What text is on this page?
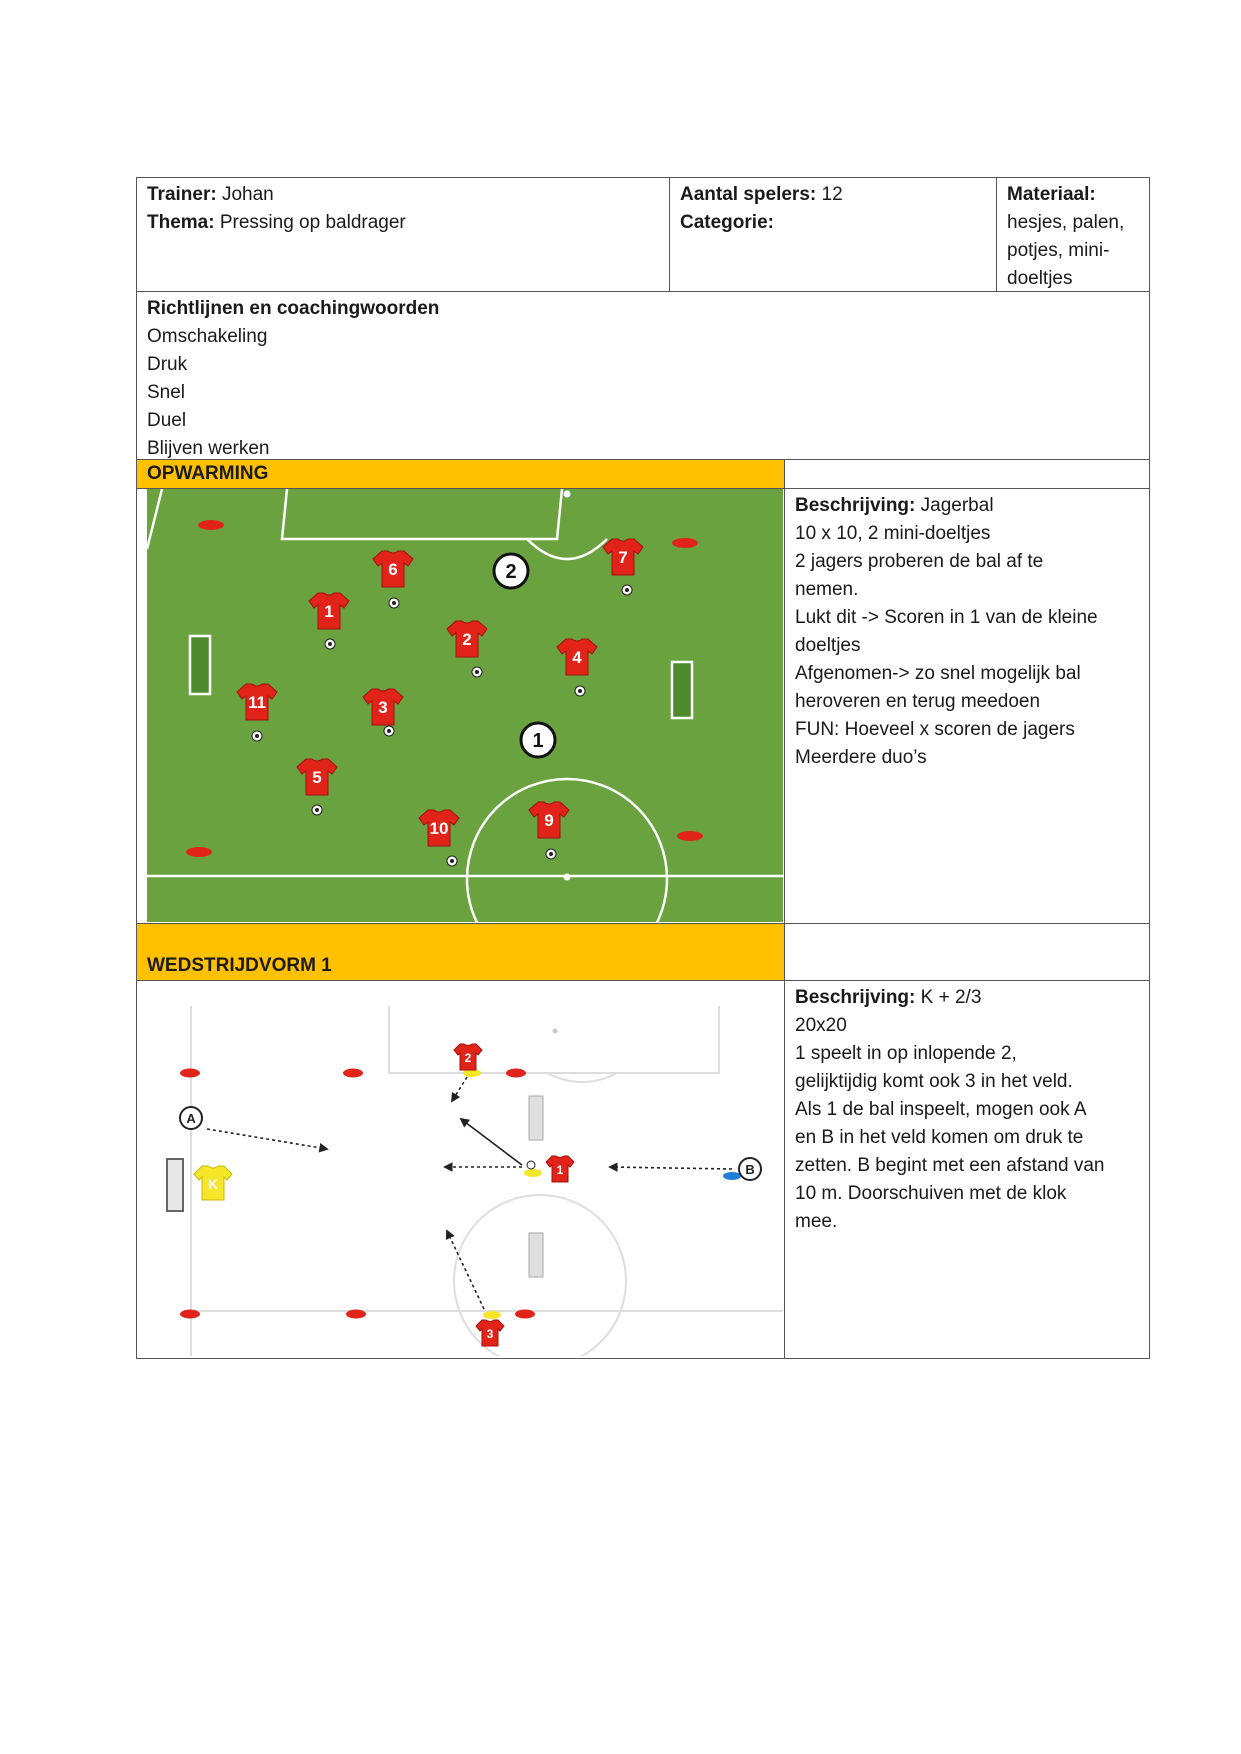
Trainer: Johan
Thema: Pressing op baldrager
Aantal spelers: 12
Categorie:
Materiaal:
hesjes, palen,
potjes, mini-
doeltjes
Richtlijnen en coachingwoorden
Omschakeling
Druk
Snel
Duel
Blijven werken
OPWARMING
6
7
1
2
4
11	3
5
10	9
2
1
Beschrijving: Jagerbal
10 x 10, 2 mini-doeltjes
2 jagers proberen de bal af te
nemen.
Lukt dit -> Scoren in 1 van de kleine
doeltjes
Afgenomen-> zo snel mogelijk bal
heroveren en terug meedoen
FUN: Hoeveel x scoren de jagers
Meerdere duo’s
WEDSTRIJDVORM 1
2
1
3
K
A
B
Beschrijving: K + 2/3
20x20
1 speelt in op inlopende 2,
gelijktijdig komt ook 3 in het veld.
Als 1 de bal inspeelt, mogen ook A
en B in het veld komen om druk te
zetten. B begint met een afstand van
10 m. Doorschuiven met de klok
mee.
